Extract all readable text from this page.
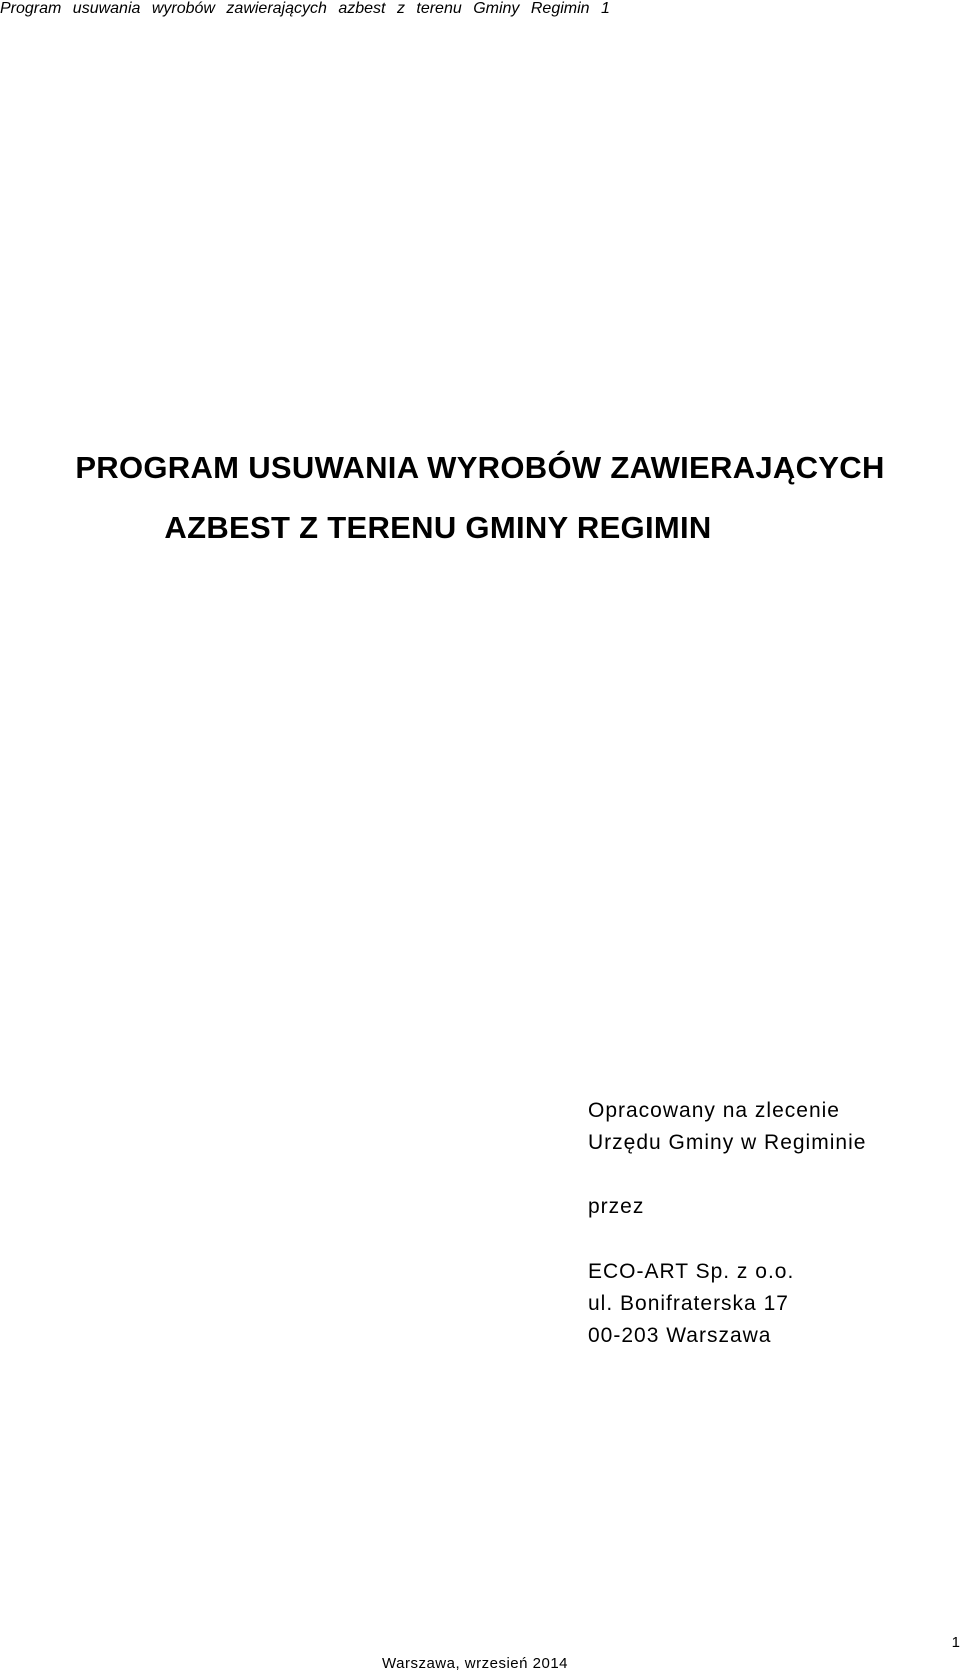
Program usuwania wyrobów zawierających azbest z terenu Gminy Regimin 1
PROGRAM USUWANIA WYROBÓW ZAWIERAJĄCYCH
AZBEST Z TERENU GMINY REGIMIN
Opracowany na zlecenie
Urzędu Gminy w Regiminie
przez
ECO-ART Sp. z o.o.
ul. Bonifraterska 17
00-203 Warszawa
Warszawa, wrzesień 2014
1
